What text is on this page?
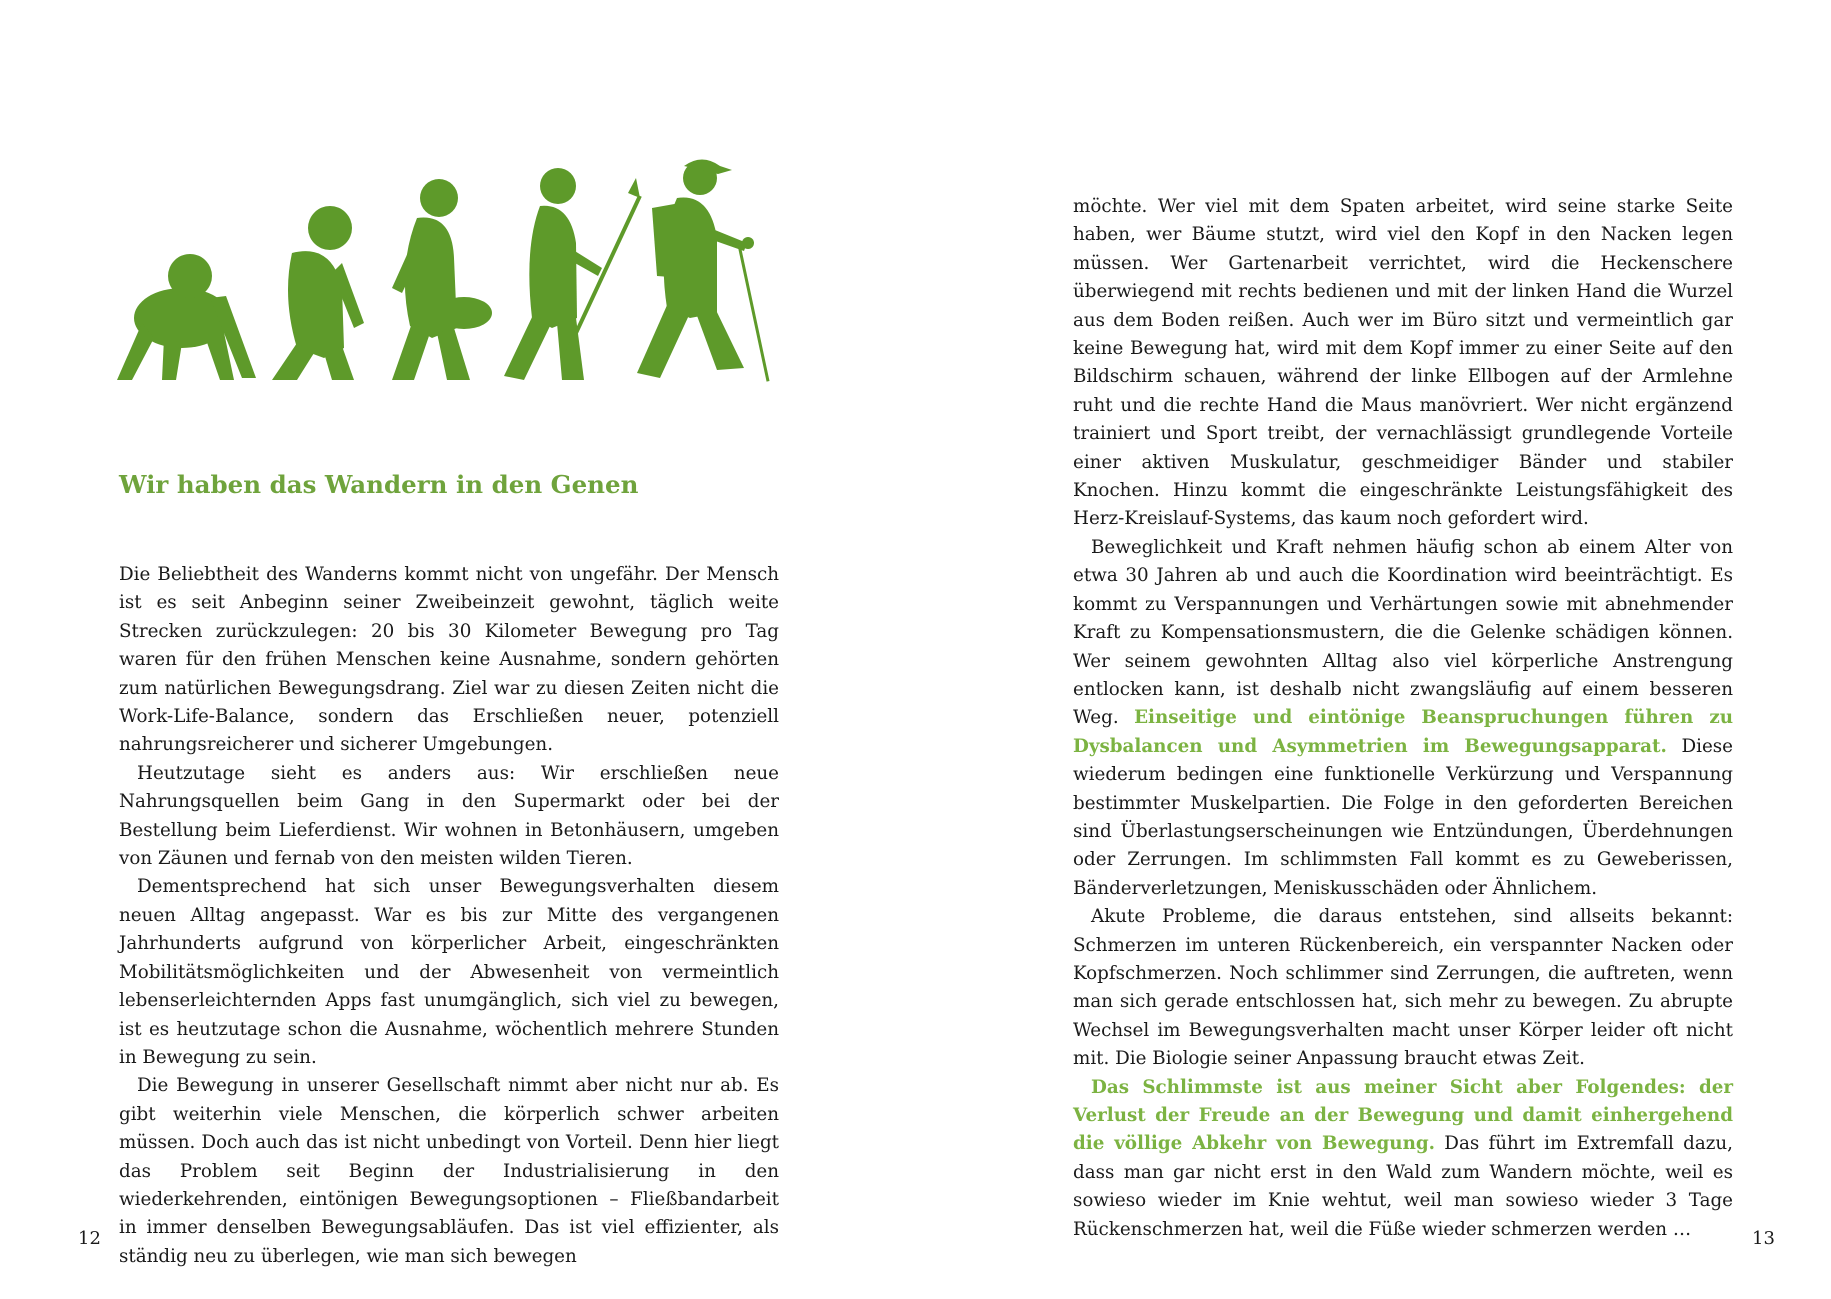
Wir haben das Wandern in den Genen

Die Beliebtheit des Wanderns kommt nicht von ungefähr. Der Mensch ist es seit Anbeginn seiner Zweibeinzeit gewohnt, täglich weite Strecken zurückzulegen: 20 bis 30 Kilometer Bewegung pro Tag waren für den frühen Menschen keine Ausnahme, sondern gehörten zum natürlichen Bewegungsdrang. Ziel war zu diesen Zeiten nicht die Work-Life-Balance, sondern das Erschließen neuer, potenziell nahrungsreicherer und sicherer Umgebungen.

Heutzutage sieht es anders aus: Wir erschließen neue Nahrungsquellen beim Gang in den Supermarkt oder bei der Bestellung beim Lieferdienst. Wir wohnen in Betonhäusern, umgeben von Zäunen und fernab von den meisten wilden Tieren.

Dementsprechend hat sich unser Bewegungsverhalten diesem neuen Alltag angepasst. War es bis zur Mitte des vergangenen Jahrhunderts aufgrund von körperlicher Arbeit, eingeschränkten Mobilitätsmöglichkeiten und der Abwesenheit von vermeintlich lebenserleichternden Apps fast unumgänglich, sich viel zu bewegen, ist es heutzutage schon die Ausnahme, wöchentlich mehrere Stunden in Bewegung zu sein.

Die Bewegung in unserer Gesellschaft nimmt aber nicht nur ab. Es gibt weiterhin viele Menschen, die körperlich schwer arbeiten müssen. Doch auch das ist nicht unbedingt von Vorteil. Denn hier liegt das Problem seit Beginn der Industrialisierung in den wiederkehrenden, eintönigen Bewegungsoptionen – Fließbandarbeit in immer denselben Bewegungsabläufen. Das ist viel effizienter, als ständig neu zu überlegen, wie man sich bewegen

12

möchte. Wer viel mit dem Spaten arbeitet, wird seine starke Seite haben, wer Bäume stutzt, wird viel den Kopf in den Nacken legen müssen. Wer Gartenarbeit verrichtet, wird die Heckenschere überwiegend mit rechts bedienen und mit der linken Hand die Wurzel aus dem Boden reißen. Auch wer im Büro sitzt und vermeintlich gar keine Bewegung hat, wird mit dem Kopf immer zu einer Seite auf den Bildschirm schauen, während der linke Ellbogen auf der Armlehne ruht und die rechte Hand die Maus manövriert. Wer nicht ergänzend trainiert und Sport treibt, der vernachlässigt grundlegende Vorteile einer aktiven Muskulatur, geschmeidiger Bänder und stabiler Knochen. Hinzu kommt die eingeschränkte Leistungsfähigkeit des Herz-Kreislauf-Systems, das kaum noch gefordert wird.

Beweglichkeit und Kraft nehmen häufig schon ab einem Alter von etwa 30 Jahren ab und auch die Koordination wird beeinträchtigt. Es kommt zu Verspannungen und Verhärtungen sowie mit abnehmender Kraft zu Kompensationsmustern, die die Gelenke schädigen können. Wer seinem gewohnten Alltag also viel körperliche Anstrengung entlocken kann, ist deshalb nicht zwangsläufig auf einem besseren Weg. Einseitige und eintönige Beanspruchungen führen zu Dysbalancen und Asymmetrien im Bewegungsapparat. Diese wiederum bedingen eine funktionelle Verkürzung und Verspannung bestimmter Muskelpartien. Die Folge in den geforderten Bereichen sind Überlastungserscheinungen wie Entzündungen, Überdehnungen oder Zerrungen. Im schlimmsten Fall kommt es zu Geweberissen, Bänderverletzungen, Meniskusschäden oder Ähnlichem.

Akute Probleme, die daraus entstehen, sind allseits bekannt: Schmerzen im unteren Rückenbereich, ein verspannter Nacken oder Kopfschmerzen. Noch schlimmer sind Zerrungen, die auftreten, wenn man sich gerade entschlossen hat, sich mehr zu bewegen. Zu abrupte Wechsel im Bewegungsverhalten macht unser Körper leider oft nicht mit. Die Biologie seiner Anpassung braucht etwas Zeit.

Das Schlimmste ist aus meiner Sicht aber Folgendes: der Verlust der Freude an der Bewegung und damit einhergehend die völlige Abkehr von Bewegung. Das führt im Extremfall dazu, dass man gar nicht erst in den Wald zum Wandern möchte, weil es sowieso wieder im Knie wehtut, weil man sowieso wieder 3 Tage Rückenschmerzen hat, weil die Füße wieder schmerzen werden …	13
